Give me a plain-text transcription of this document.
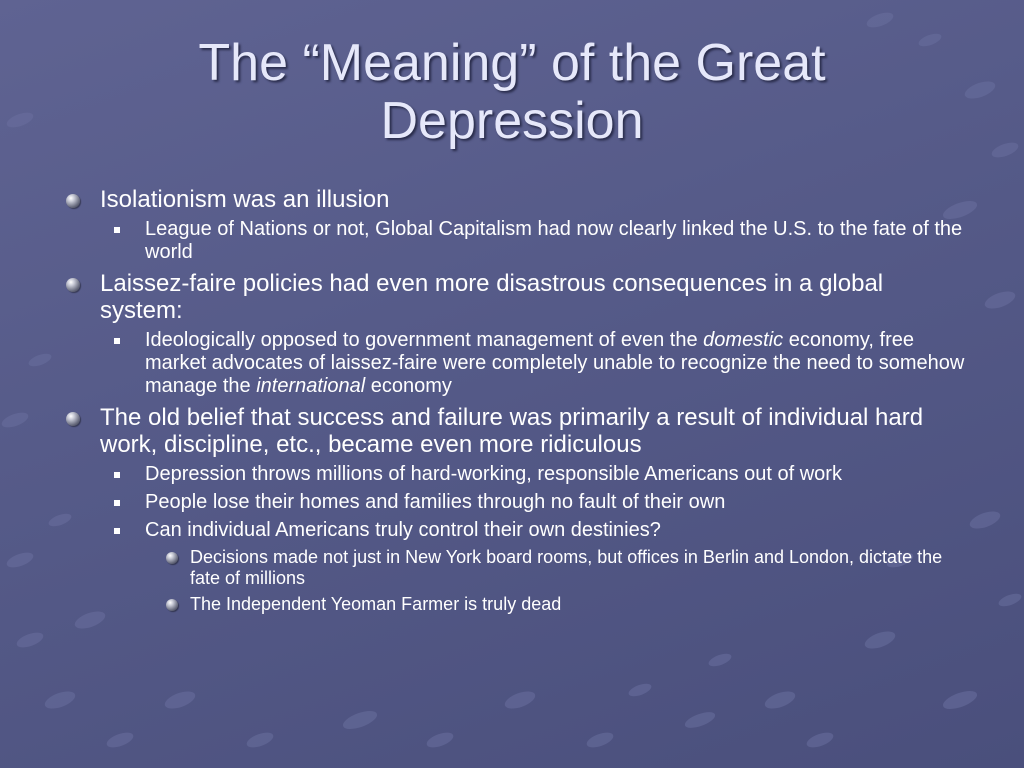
The “Meaning” of the Great Depression
Isolationism was an illusion
League of Nations or not, Global Capitalism had now clearly linked the U.S. to the fate of the world
Laissez-faire policies had even more disastrous consequences in a global system:
Ideologically opposed to government management of even the domestic economy, free market advocates of laissez-faire were completely unable to recognize the need to somehow manage the international economy
The old belief that success and failure was primarily a result of individual hard work, discipline, etc., became even more ridiculous
Depression throws millions of hard-working, responsible Americans out of work
People lose their homes and families through no fault of their own
Can individual Americans truly control their own destinies?
Decisions made not just in New York board rooms, but offices in Berlin and London, dictate the fate of millions
The Independent Yeoman Farmer is truly dead
